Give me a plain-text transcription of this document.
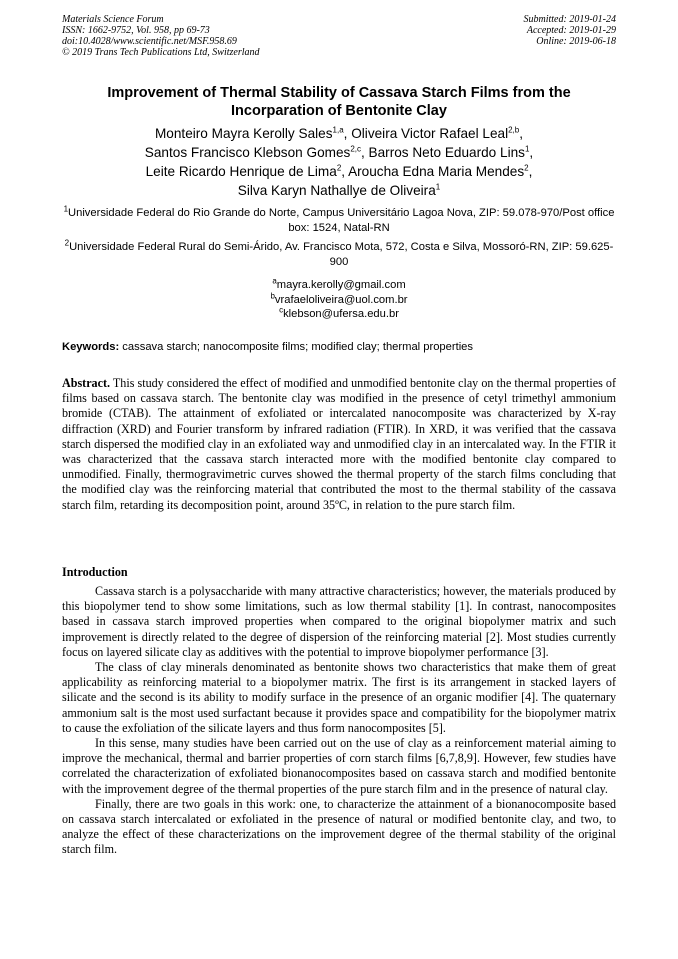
Materials Science Forum
ISSN: 1662-9752, Vol. 958, pp 69-73
doi:10.4028/www.scientific.net/MSF.958.69
© 2019 Trans Tech Publications Ltd, Switzerland
Submitted: 2019-01-24
Accepted: 2019-01-29
Online: 2019-06-18
Improvement of Thermal Stability of Cassava Starch Films from the
Incorparation of Bentonite Clay
Monteiro Mayra Kerolly Sales$^{1,a}$, Oliveira Victor Rafael Leal$^{2,b}$,
Santos Francisco Klebson Gomes$^{2,c}$, Barros Neto Eduardo Lins$^1$,
Leite Ricardo Henrique de Lima$^2$, Aroucha Edna Maria Mendes$^2$,
Silva Karyn Nathallye de Oliveira$^1$
$^1$Universidade Federal do Rio Grande do Norte, Campus Universitário Lagoa Nova, ZIP: 59.078-970/Post office box: 1524, Natal-RN
$^2$Universidade Federal Rural do Semi-Árido, Av. Francisco Mota, 572, Costa e Silva, Mossoró-RN, ZIP: 59.625-900
$^a$mayra.kerolly@gmail.com
$^b$vrafaeloliveira@uol.com.br
$^c$klebson@ufersa.edu.br
Keywords: cassava starch; nanocomposite films; modified clay; thermal properties
Abstract. This study considered the effect of modified and unmodified bentonite clay on the thermal properties of films based on cassava starch. The bentonite clay was modified in the presence of cetyl trimethyl ammonium bromide (CTAB). The attainment of exfoliated or intercalated nanocomposite was characterized by X-ray diffraction (XRD) and Fourier transform by infrared radiation (FTIR). In XRD, it was verified that the cassava starch dispersed the modified clay in an exfoliated way and unmodified clay in an intercalated way. In the FTIR it was characterized that the cassava starch interacted more with the modified bentonite clay compared to unmodified. Finally, thermogravimetric curves showed the thermal property of the starch films concluding that the modified clay was the reinforcing material that contributed the most to the thermal stability of the cassava starch film, retarding its decomposition point, around 35ºC, in relation to the pure starch film.
Introduction

Cassava starch is a polysaccharide with many attractive characteristics; however, the materials produced by this biopolymer tend to show some limitations, such as low thermal stability [1]. In contrast, nanocomposites based in cassava starch improved properties when compared to the original biopolymer matrix and such improvement is directly related to the degree of dispersion of the reinforcing material [2]. Most studies currently focus on layered silicate clay as additives with the potential to improve biopolymer performance [3].

The class of clay minerals denominated as bentonite shows two characteristics that make them of great applicability as reinforcing material to a biopolymer matrix. The first is its arrangement in stacked layers of silicate and the second is its ability to modify surface in the presence of an organic modifier [4]. The quaternary ammonium salt is the most used surfactant because it provides space and compatibility for the biopolymer matrix to cause the exfoliation of the silicate layers and thus form nanocomposites [5].

In this sense, many studies have been carried out on the use of clay as a reinforcement material aiming to improve the mechanical, thermal and barrier properties of corn starch films [6,7,8,9]. However, few studies have correlated the characterization of exfoliated bionanocomposites based on cassava starch and modified bentonite with the improvement degree of the thermal properties of the pure starch film and in the presence of natural clay.

Finally, there are two goals in this work: one, to characterize the attainment of a bionanocomposite based on cassava starch intercalated or exfoliated in the presence of natural or modified bentonite clay, and two, to analyze the effect of these characterizations on the improvement degree of the thermal stability of the original starch film.
